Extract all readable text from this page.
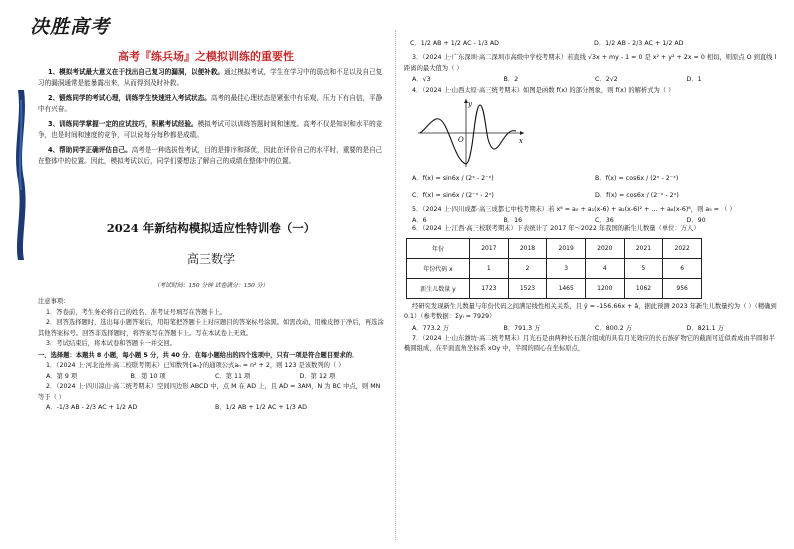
决胜高考
高考『练兵场』之模拟训练的重要性

1、模拟考试最大意义在于找出自己复习的漏洞，以便补救。通过模拟考试，学生在学习中的弱点和不足以及自己复习的漏洞通常是能暴露出来，从而得到及时补救。

2、锻炼同学的考试心理，训练学生快速进入考试状态。高考的最佳心理状态是紧张中有乐观，压力下有自信，平静中有兴奋。

3、训练同学掌握一定的应试技巧，积累考试经验。模拟考试可以训练答题时间和速度。高考不仅是知识和水平的竞争，也是时间和速度的竞争，可以说每分每秒都是成绩。

4、帮助同学正确评估自己。高考是一种选拔性考试，目的是排序和择优，因此在评价自己的水平时，重要的是自己在整体中的位置。因此，模拟考试以后，同学们要想法了解自己的成绩在整体中的位置。

2024 年新结构模拟适应性特训卷（一）
高三数学
（考试时间：150 分钟 试卷满分：150 分）
注意事项：
1．答卷前，考生务必将自己的姓名、准考证号填写在答题卡上。
2．回答选择题时，选出每小题答案后，用铅笔把答题卡上对应题目的答案标号涂黑。如需改动，用橡皮擦干净后，再选涂其他答案标号。回答非选择题时，将答案写在答题卡上。写在本试卷上无效。
3．考试结束后，将本试卷和答题卡一并交回。
一、选择题：本题共 8 小题，每小题 5 分，共 40 分．在每小题给出的四个选项中，只有一项是符合题目要求的．
1．（2024 上·河北沧州·高二校联考期末）已知数列{aₙ}的通项公式aₙ = n² + 2，则 123 是该数列的（ ）
A．第 9 项	B．第 10 项	C．第 11 项	D．第 12 项
2．（2024 上·四川凉山·高二统考期末）空间四边形 ABCD 中，点 M 在 AD 上，且 AD = 3AM，N 为 BC 中点，则 MN 等于（ ）
A．-1/3 AB - 2/3 AC + 1/2 AD	B．1/2 AB + 1/2 AC + 1/3 AD
C．1/2 AB + 1/2 AC - 1/3 AD	D．1/2 AB - 2/3 AC + 1/2 AD
3．（2024 上·广东深圳·高二深圳市高级中学校考期末）若直线 √3x + my - 1 = 0 是 x² + y² + 2x = 0 相切，则原点 O 到直线 l 距离的最大值为（ ）
A．√3	B．2	C．2√2	D．1
4．（2024 上·山西太原·高三统考期末）如图是函数 f(x) 的部分图象，则 f(x) 的解析式为（ ）
y
x
O
A．f(x) = sin6x / (2ˣ - 2⁻ˣ)	B．f(x) = cos6x / (2ˣ - 2⁻ˣ)
C．f(x) = sin6x / (2⁻ˣ - 2ˣ)	D．f(x) = cos6x / (2⁻ˣ - 2ˣ)
5．（2024 上·四川成都·高三成都七中校考期末）若 x⁶ = a₀ + a₁(x-6) + a₂(x-6)² + … + a₆(x-6)⁶，则 a₅ = （ ）
A．6	B．16	C．36	D．90
6．（2024 上·江西·高三校联考期末）下表统计了 2017 年～2022 年我国的新生儿数量（单位：万人）
年份	2017	2018	2019	2020	2021	2022
年份代码 x	1	2	3	4	5	6
新生儿数量 y	1723	1523	1465	1200	1062	956
经研究发现新生儿数量与年份代码之间满足线性相关关系，且 ŷ = -156.66x + â，据此预测 2023 年新生儿数量约为（ ）（精确到 0.1）（参考数据：Σyᵢ = 7929）
A．773.2 万	B．791.3 万	C．800.2 万	D．821.1 万
7．（2024 上·山东潍坊·高二统考期末）月光石是由两种长石混合组成的具有月光效应的长石族矿物它的截面可近似看成由半圆和半椭圆组成，在平面直角坐标系 xOy 中，半圆的圆心在坐标原点，
